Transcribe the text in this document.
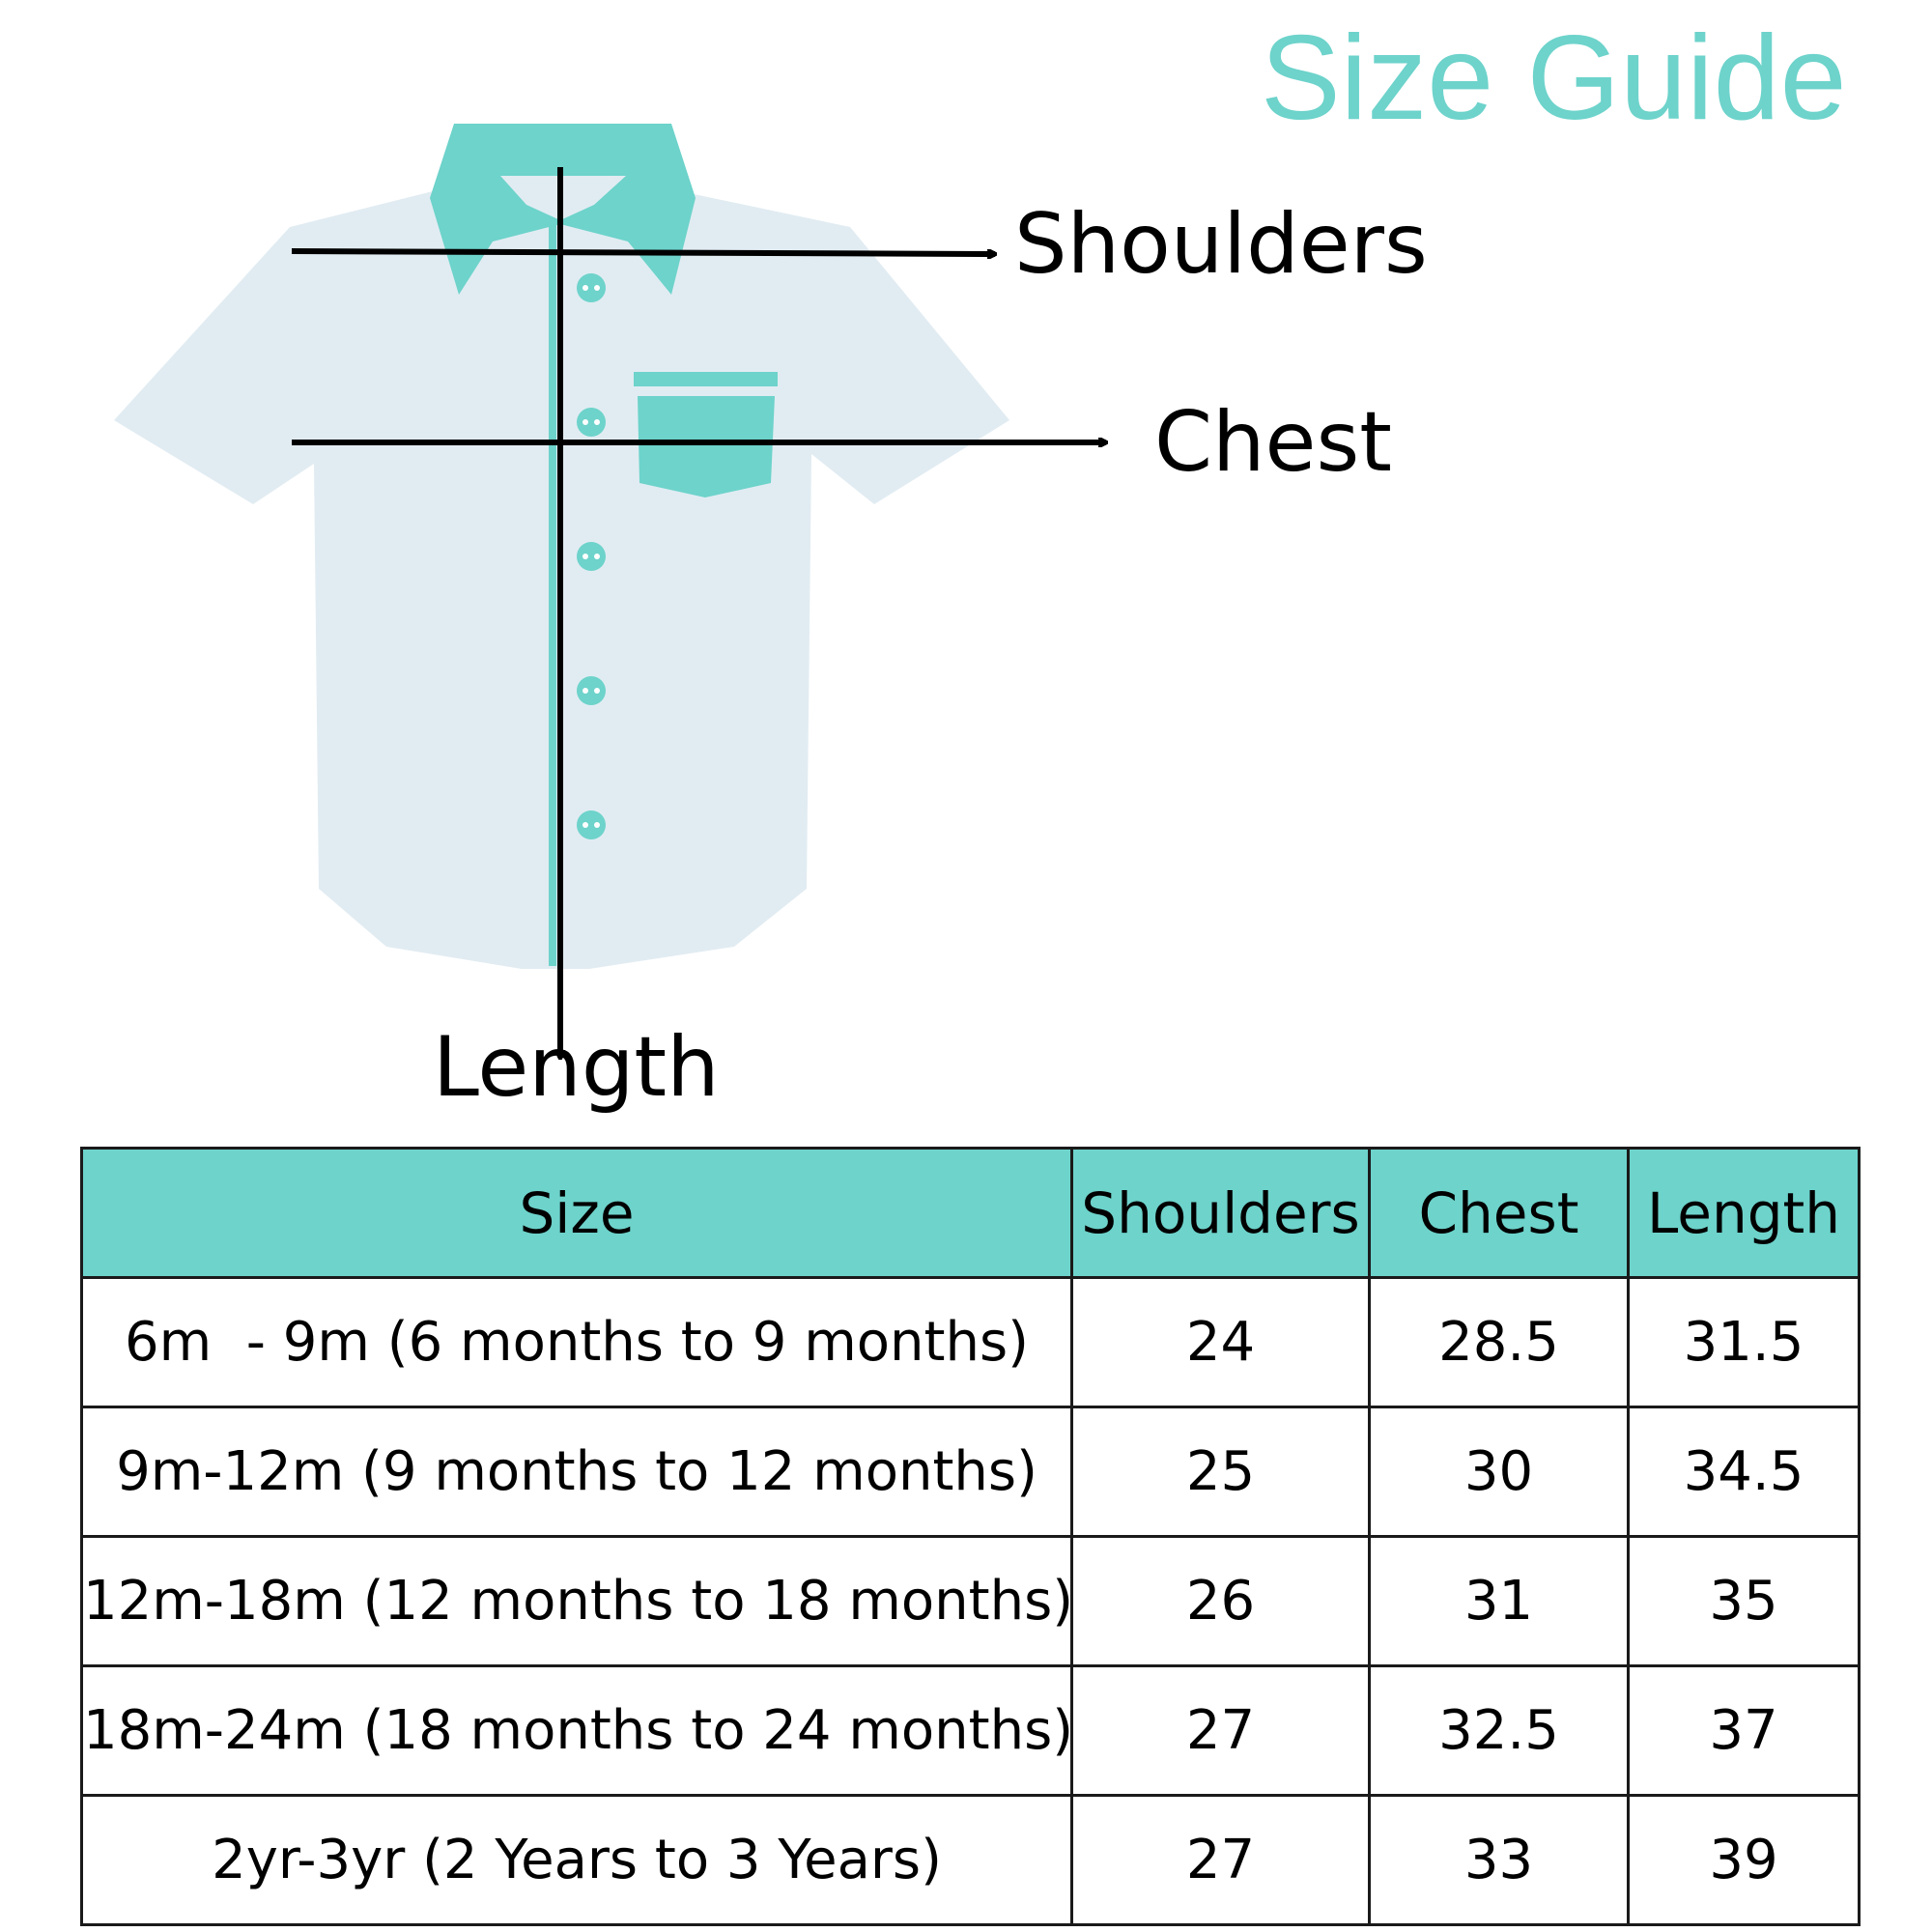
Size Guide
Shoulders
Chest
Length
Size	Shoulders	Chest	Length
6m  - 9m (6 months to 9 months)	24	28.5	31.5
9m-12m (9 months to 12 months)	25	30	34.5
12m-18m (12 months to 18 months)	26	31	35
18m-24m (18 months to 24 months)	27	32.5	37
2yr-3yr (2 Years to 3 Years)	27	33	39
